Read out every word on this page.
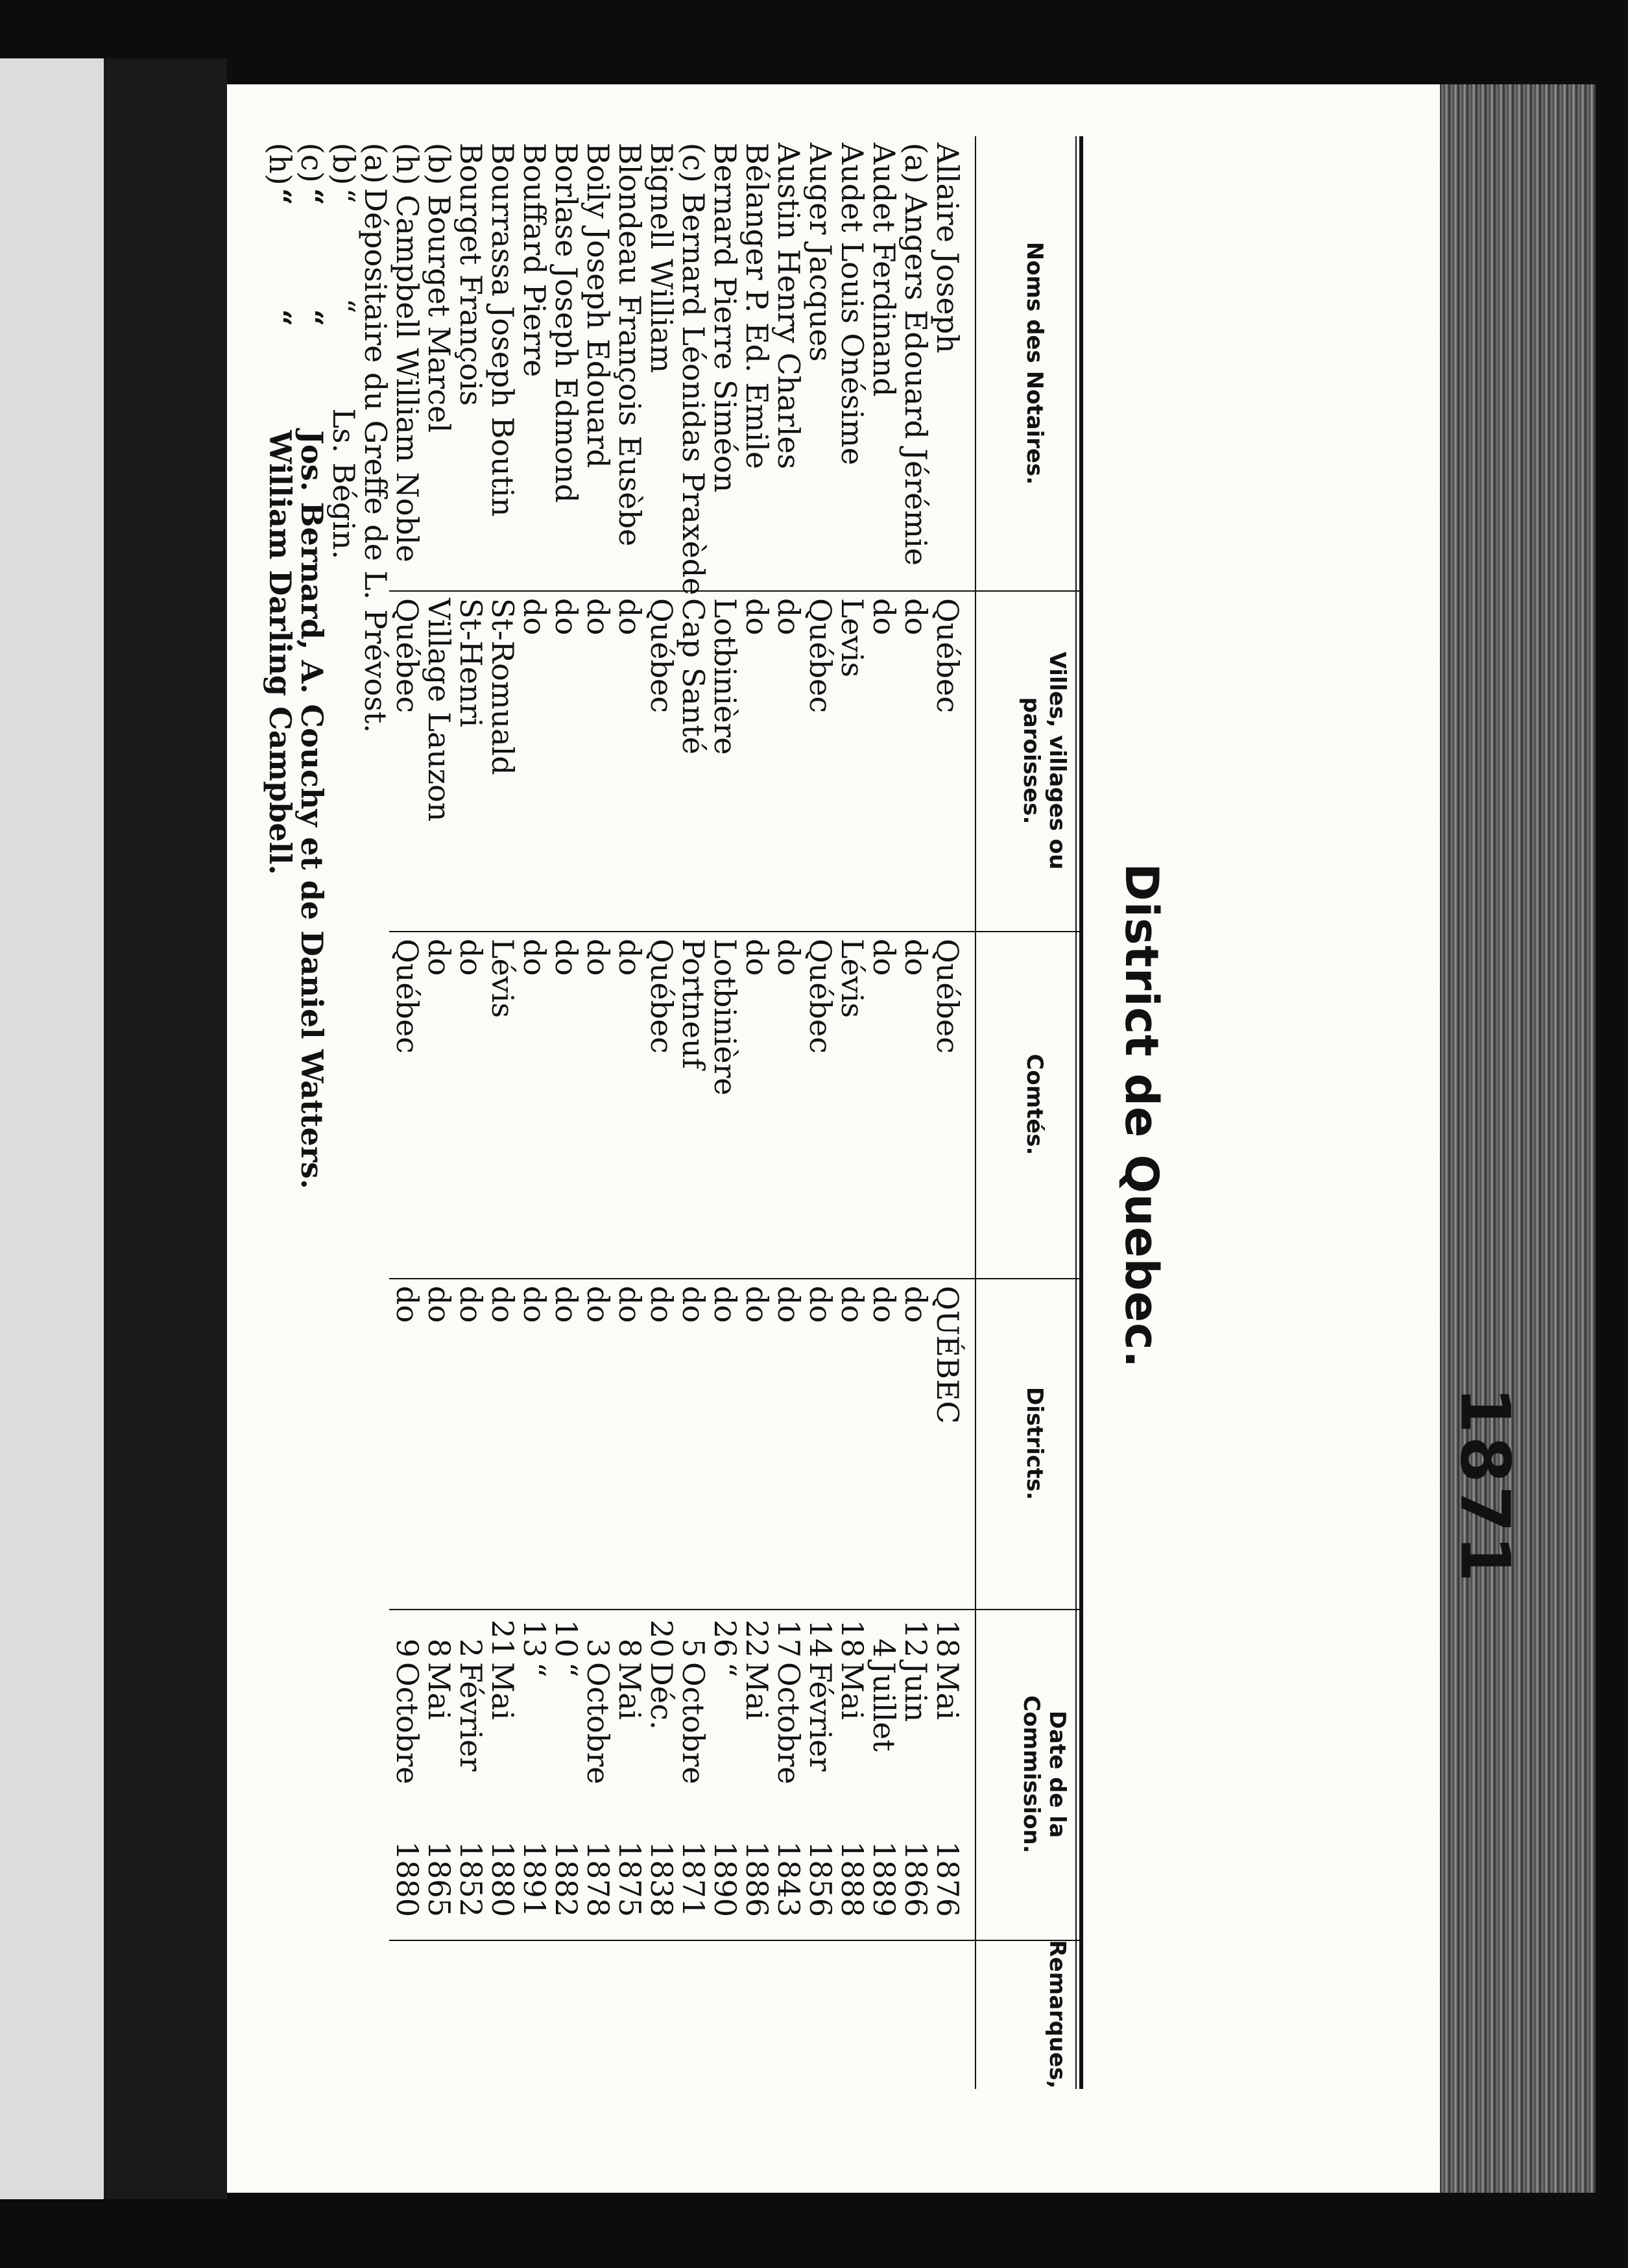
1871
District de Quebec.
Noms des Notaires.
Villes, villages ou paroisses.
Comtés.
Districts.
Date de la Commission.
Remarques,
Allaire Joseph
Québec
Québec
QUÉBEC
18
Mai
1876
(a) Angers Edouard Jérémie
do
do
do
12
Juin
1866
Audet Ferdinand
do
do
do
4
Juillet
1889
Audet Louis Onésime
Levis
Lévis
do
18
Mai
1888
Auger Jacques
Québec
Québec
do
14
Février
1856
Austin Henry Charles
do
do
do
17
Octobre
1843
Bélanger P. Ed. Emile
do
do
do
22
Mai
1886
Bernard Pierre Siméon
Lotbinière
Lotbinière
do
26
“
1890
(c) Bernard Léonidas Praxède
Cap Santé
Portneuf
do
5
Octobre
1871
Bignell William
Québec
Québec
do
20
Déc.
1838
Blondeau François Eusèbe
do
do
do
8
Mai
1875
Boily Joseph Edouard
do
do
do
3
Octobre
1878
Borlase Joseph Edmond
do
do
do
10
“
1882
Bouffard Pierre
do
do
do
13
“
1891
Bourrassa Joseph Boutin
St-Romuald
Lévis
do
21
Mai
1880
Bourget François
St-Henri
do
do
2
Février
1852
(b) Bourget Marcel
Village Lauzon
do
do
8
Mai
1865
(h) Campbell William Noble
Québec
Québec
do
9
Octobre
1880
(a)Dépositaire du Greffe de L. Prévost.
(b)“          “          Ls. Bégin.
(c)“          “          Jos. Bernard, A. Couchy et de Daniel Watters.
(h)“          “          William Darling Campbell.
